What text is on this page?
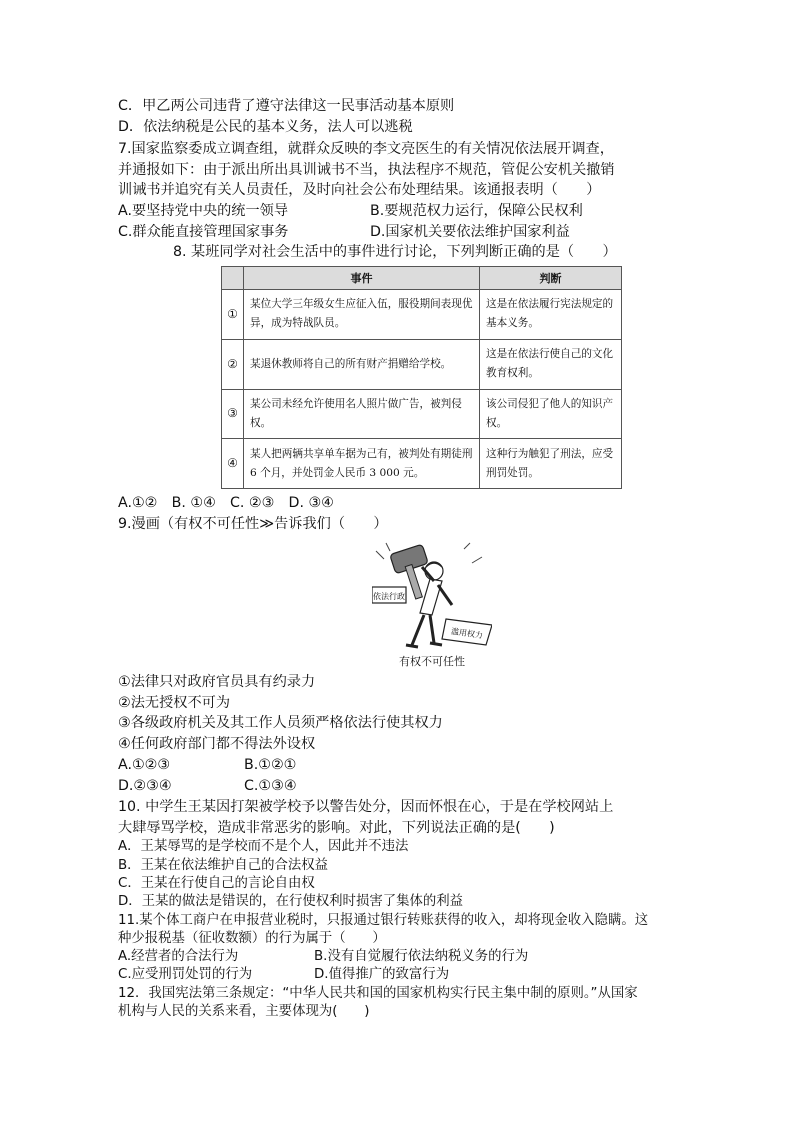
C．甲乙两公司违背了遵守法律这一民事活动基本原则
D．依法纳税是公民的基本义务，法人可以逃税
7.国家监察委成立调查组，就群众反映的李文亮医生的有关情况依法展开调查，
并通报如下：由于派出所出具训诫书不当，执法程序不规范，管促公安机关撤销
训诫书并追究有关人员责任，及时向社会公布处理结果。该通报表明（　　）
A.要坚持党中央的统一领导	B.要规范权力运行，保障公民权利
C.群众能直接管理国家事务	D.国家机关要依法维护国家利益
8. 某班同学对社会生活中的事件进行讨论，下列判断正确的是（　　）
	事件	判断
①	某位大学三年级女生应征入伍，服役期间表现优异，成为特战队员。	这是在依法履行宪法规定的基本义务。
②	某退休教师将自己的所有财产捐赠给学校。	这是在依法行使自己的文化教育权利。
③	某公司未经允许使用名人照片做广告，被判侵权。	该公司侵犯了他人的知识产权。
④	某人把两辆共享单车据为己有，被判处有期徒刑 6 个月，并处罚金人民币 3 000 元。	这种行为触犯了刑法，应受刑罚处罚。
A.①②　B. ①④　C. ②③　D. ③④
9.漫画（有权不可任性≫告诉我们（　　）
依法行政
滥用权力
有权不可任性
①法律只对政府官员具有约录力
②法无授权不可为
③各级政府机关及其工作人员须严格依法行使其权力
④任何政府部门都不得法外设权
A.①②③	B.①②①
D.②③④	C.①③④
10. 中学生王某因打架被学校予以警告处分，因而怀恨在心，于是在学校网站上
大肆辱骂学校，造成非常恶劣的影响。对此，下列说法正确的是(　　)
A．王某辱骂的是学校而不是个人，因此并不违法
B．王某在依法维护自己的合法权益
C．王某在行使自己的言论自由权
D．王某的做法是错误的，在行使权利时损害了集体的利益
11.某个体工商户在申报营业税时，只报通过银行转账获得的收入，却将现金收入隐瞒。这
种少报税基（征收数额）的行为属于（　　）
A.经营者的合法行为	B.没有自觉履行依法纳税义务的行为
C.应受刑罚处罚的行为	D.值得推广的致富行为
12．我国宪法第三条规定：“中华人民共和国的国家机构实行民主集中制的原则。”从国家
机构与人民的关系来看，主要体现为(　　)
